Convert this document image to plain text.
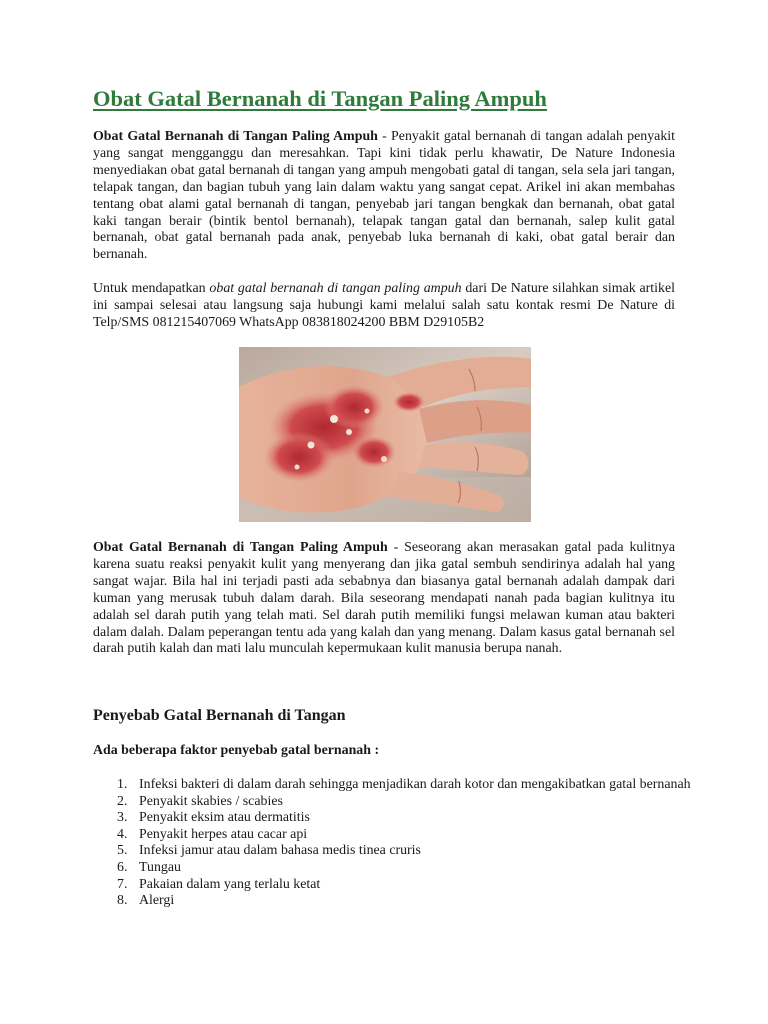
Obat Gatal Bernanah di Tangan Paling Ampuh

Obat Gatal Bernanah di Tangan Paling Ampuh - Penyakit gatal bernanah di tangan adalah penyakit yang sangat mengganggu dan meresahkan. Tapi kini tidak perlu khawatir, De Nature Indonesia menyediakan obat gatal bernanah di tangan yang ampuh mengobati gatal di tangan, sela sela jari tangan, telapak tangan, dan bagian tubuh yang lain dalam waktu yang sangat cepat. Arikel ini akan membahas tentang obat alami gatal bernanah di tangan, penyebab jari tangan bengkak dan bernanah, obat gatal kaki tangan berair (bintik bentol bernanah), telapak tangan gatal dan bernanah, salep kulit gatal bernanah, obat gatal bernanah pada anak, penyebab luka bernanah di kaki, obat gatal berair dan bernanah.

Untuk mendapatkan obat gatal bernanah di tangan paling ampuh dari De Nature silahkan simak artikel ini sampai selesai atau langsung saja hubungi kami melalui salah satu kontak resmi De Nature di Telp/SMS 081215407069 WhatsApp 083818024200 BBM D29105B2

Obat Gatal Bernanah di Tangan Paling Ampuh - Seseorang akan merasakan gatal pada kulitnya karena suatu reaksi penyakit kulit yang menyerang dan jika gatal sembuh sendirinya adalah hal yang sangat wajar. Bila hal ini terjadi pasti ada sebabnya dan biasanya gatal bernanah adalah dampak dari kuman yang merusak tubuh dalam darah. Bila seseorang mendapati nanah pada bagian kulitnya itu adalah sel darah putih yang telah mati. Sel darah putih memiliki fungsi melawan kuman atau bakteri dalam dalah. Dalam peperangan tentu ada yang kalah dan yang menang. Dalam kasus gatal bernanah sel darah putih kalah dan mati lalu munculah kepermukaan kulit manusia berupa nanah.

Penyebab Gatal Bernanah di Tangan
Ada beberapa faktor penyebab gatal bernanah :
1. Infeksi bakteri di dalam darah sehingga menjadikan darah kotor dan mengakibatkan gatal bernanah
2. Penyakit skabies / scabies
3. Penyakit eksim atau dermatitis
4. Penyakit herpes atau cacar api
5. Infeksi jamur atau dalam bahasa medis tinea cruris
6. Tungau
7. Pakaian dalam yang terlalu ketat
8. Alergi
